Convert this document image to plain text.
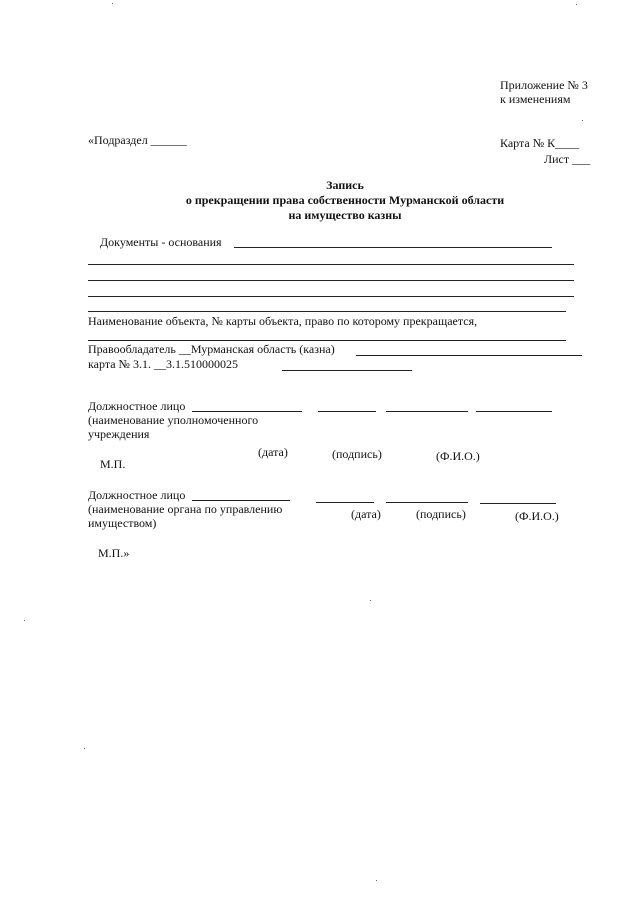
Приложение № 3
к изменениям
«Подраздел ______	Карта № К____
Лист ___
Запись
о прекращении права собственности Мурманской области
на имущество казны
Документы - основания
Наименование объекта, № карты объекта, право по которому прекращается,
Правообладатель __Мурманская область (казна)
карта № 3.1. __3.1.510000025
Должностное лицо
(наименование уполномоченного
учреждения
(дата)	(подпись)	(Ф.И.О.)
М.П.
Должностное лицо
(наименование органа по управлению
имуществом)
(дата)	(подпись)	(Ф.И.О.)
М.П.»
